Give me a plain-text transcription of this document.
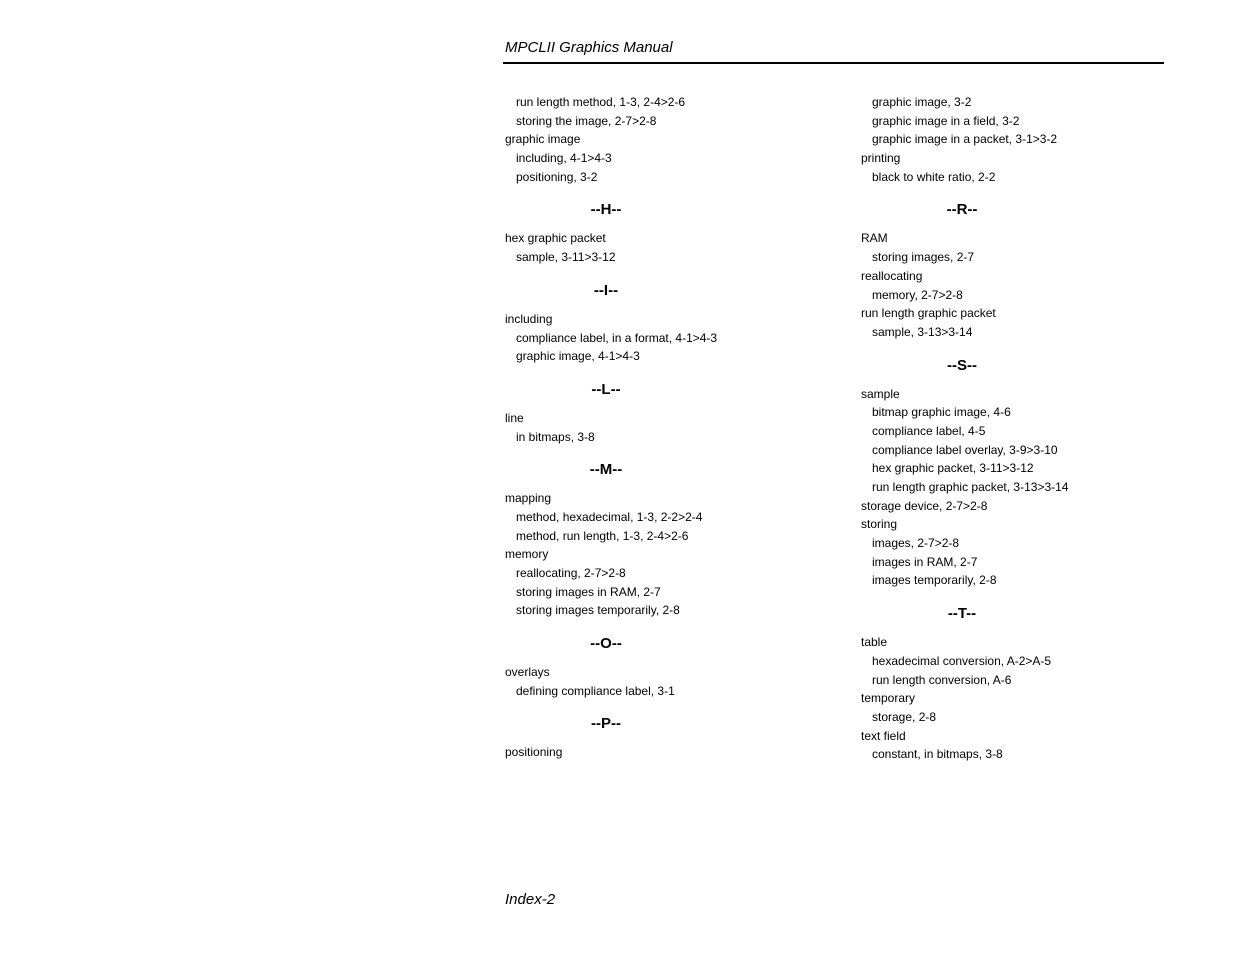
MPCLII Graphics Manual
run length method, 1-3, 2-4>2-6
storing the image, 2-7>2-8
graphic image
including, 4-1>4-3
positioning, 3-2
--H--
hex graphic packet
sample, 3-11>3-12
--I--
including
compliance label, in a format, 4-1>4-3
graphic image, 4-1>4-3
--L--
line
in bitmaps, 3-8
--M--
mapping
method, hexadecimal, 1-3, 2-2>2-4
method, run length, 1-3, 2-4>2-6
memory
reallocating, 2-7>2-8
storing images in RAM, 2-7
storing images temporarily, 2-8
--O--
overlays
defining compliance label, 3-1
--P--
positioning
graphic image, 3-2
graphic image in a field, 3-2
graphic image in a packet, 3-1>3-2
printing
black to white ratio, 2-2
--R--
RAM
storing images, 2-7
reallocating
memory, 2-7>2-8
run length graphic packet
sample, 3-13>3-14
--S--
sample
bitmap graphic image, 4-6
compliance label, 4-5
compliance label overlay, 3-9>3-10
hex graphic packet, 3-11>3-12
run length graphic packet, 3-13>3-14
storage device, 2-7>2-8
storing
images, 2-7>2-8
images in RAM, 2-7
images temporarily, 2-8
--T--
table
hexadecimal conversion, A-2>A-5
run length conversion, A-6
temporary
storage, 2-8
text field
constant, in bitmaps, 3-8
Index-2
